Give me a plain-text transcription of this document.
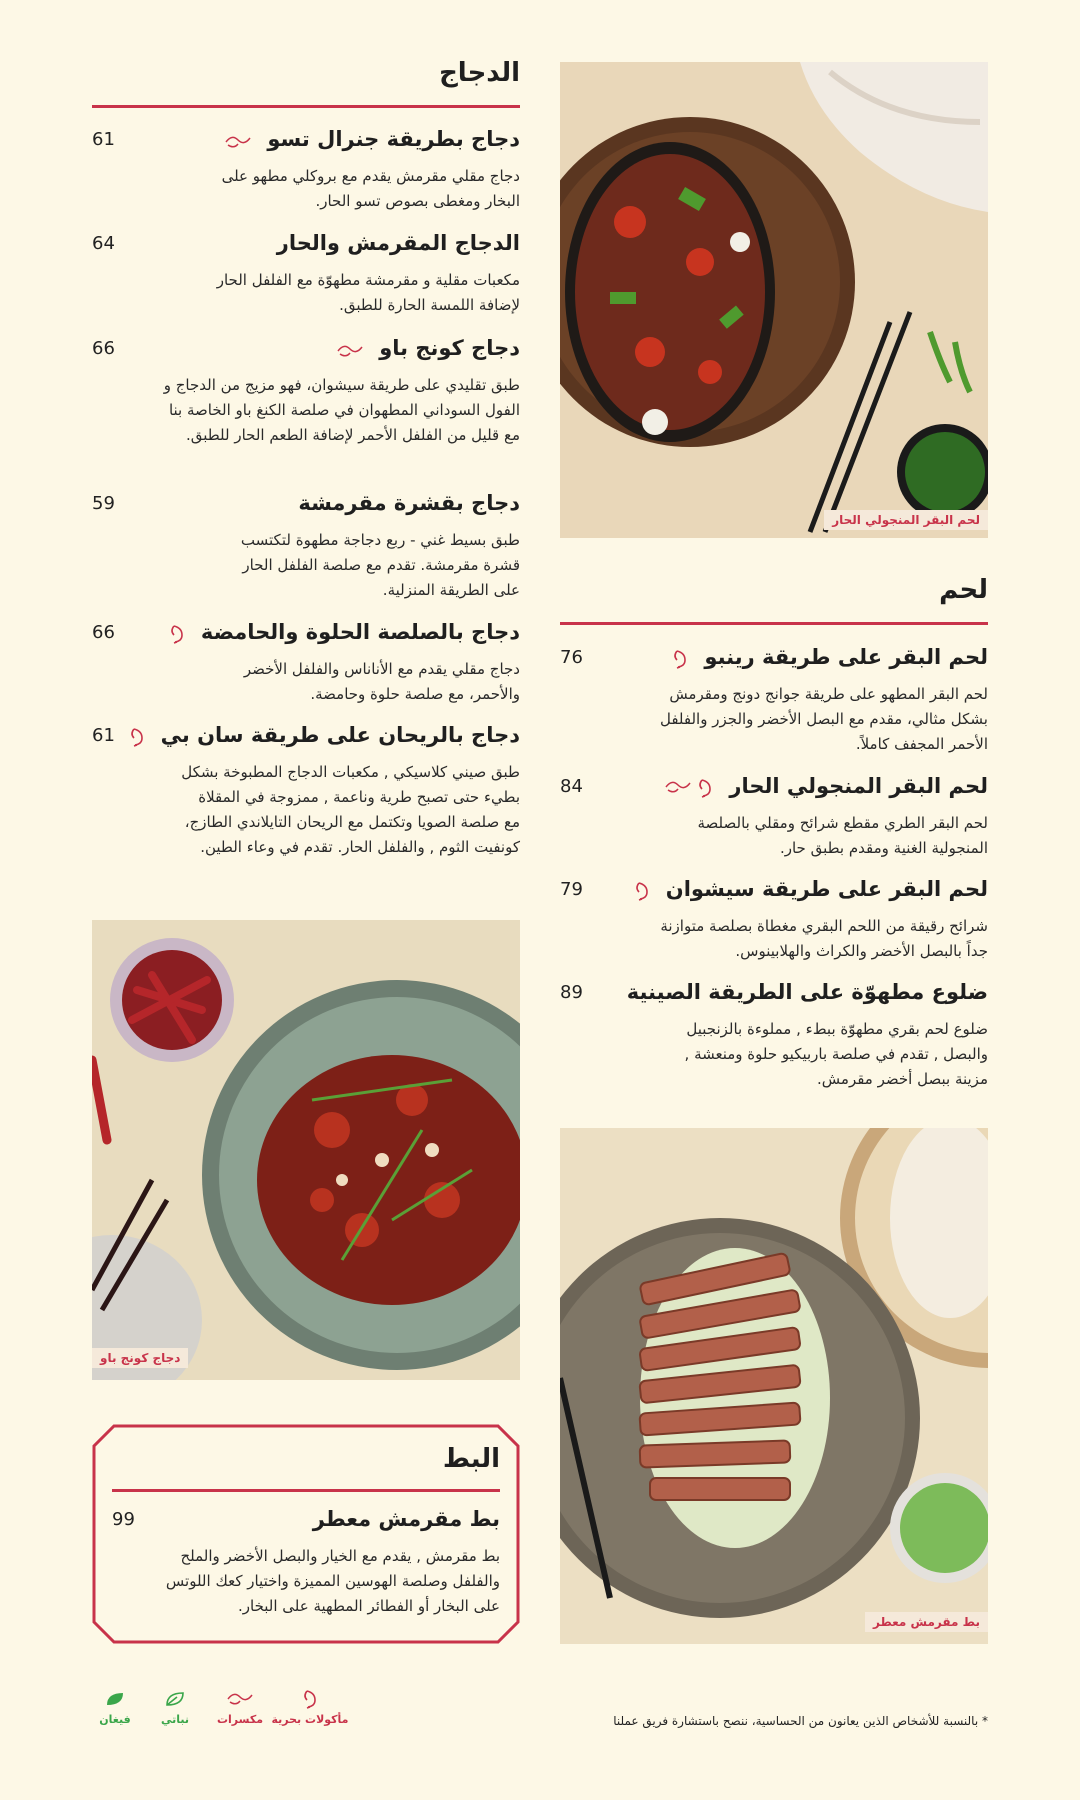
لحم البقر المنجولي الحار
الدجاج
دجاج بطريقة جنرال تسو
61
دجاج مقلي مقرمش يقدم مع بروكلي مطهو على البخار ومغطى بصوص تسو الحار.
الدجاج المقرمش والحار
64
مكعبات مقلية و مقرمشة مطهوّة مع الفلفل الحار لإضافة اللمسة الحارة للطبق.
دجاج كونج باو
66
طبق تقليدي على طريقة سيشوان، فهو مزيج من الدجاج و الفول السوداني المطهوان في صلصة الكنغ باو الخاصة بنا مع قليل من الفلفل الأحمر لإضافة الطعم الحار للطبق.
دجاج بقشرة مقرمشة
59
طبق بسيط غني - ربع دجاجة مطهوة لتكتسب قشرة مقرمشة. تقدم مع صلصة الفلفل الحار على الطريقة المنزلية.
دجاج بالصلصة الحلوة والحامضة
66
دجاج مقلي يقدم مع الأناناس والفلفل الأخضر والأحمر، مع صلصة حلوة وحامضة.
دجاج بالريحان على طريقة سان بي
61
طبق صيني كلاسيكي , مكعبات الدجاج المطبوخة بشكل بطيء حتى تصبح طرية وناعمة , ممزوجة في المقلاة مع صلصة الصويا وتكتمل مع الريحان التايلاندي الطازج، كونفيت الثوم , والفلفل الحار. تقدم في وعاء الطين.
لحم
لحم البقر على طريقة رينبو
76
لحم البقر المطهو على طريقة جوانج دونج ومقرمش بشكل مثالي، مقدم مع البصل الأخضر والجزر والفلفل الأحمر المجفف كاملاً.
لحم البقر المنجولي الحار
84
لحم البقر الطري مقطع شرائح ومقلي بالصلصة المنجولية الغنية ومقدم بطبق حار.
لحم البقر على طريقة سيشوان
79
شرائح رقيقة من اللحم البقري مغطاة بصلصة متوازنة جداً بالبصل الأخضر والكراث والهلابينوس.
ضلوع مطهوّة على الطريقة الصينية
89
ضلوع لحم بقري مطهوّة ببطء , مملوءة بالزنجبيل والبصل , تقدم في صلصة باربيكيو حلوة ومنعشة , مزينة ببصل أخضر مقرمش.
دجاج كونج باو
البط
بط مقرمش معطر
99
بط مقرمش , يقدم مع الخيار والبصل الأخضر والملح والفلفل وصلصة الهوسين المميزة واختيار كعك اللوتس على البخار أو الفطائر المطهية على البخار.
بط مقرمش معطر
مأكولات بحرية
مكسرات
نباتي
فيغان	* بالنسبة للأشخاص الذين يعانون من الحساسية، ننصح باستشارة فريق عملنا
